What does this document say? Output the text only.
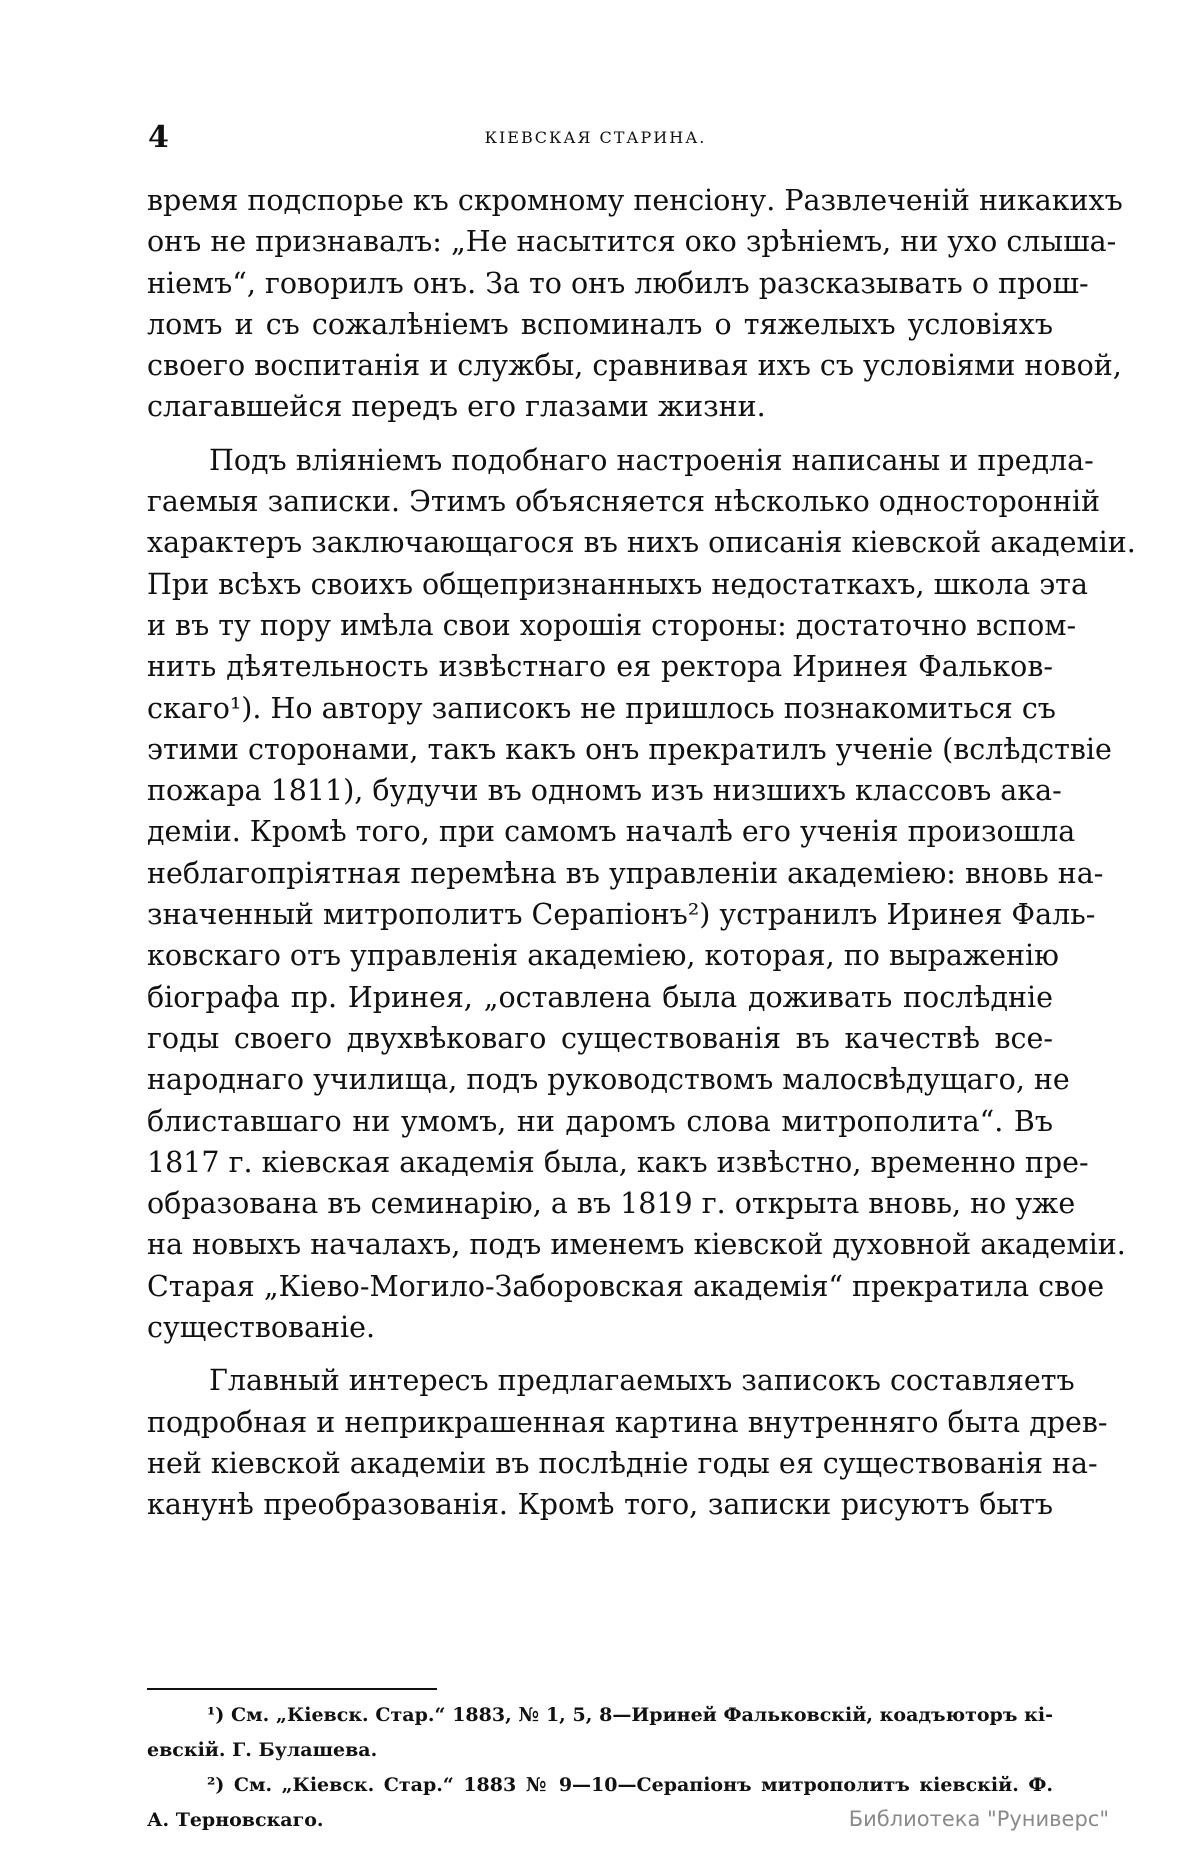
4	КІЕВСКАЯ СТАРИНА.
время подспорье къ скромному пенсіону. Развлеченій никакихъ
онъ не признавалъ: „Не насытится око зрѣніемъ, ни ухо слыша-
ніемъ“, говорилъ онъ. За то онъ любилъ разсказывать о прош-
ломъ и съ сожалѣніемъ вспоминалъ о тяжелыхъ условіяхъ
своего воспитанія и службы, сравнивая ихъ съ условіями новой,
слагавшейся передъ его глазами жизни.
Подъ вліяніемъ подобнаго настроенія написаны и предла-
гаемыя записки. Этимъ объясняется нѣсколько односторонній
характеръ заключающагося въ нихъ описанія кіевской академіи.
При всѣхъ своихъ общепризнанныхъ недостаткахъ, школа эта
и въ ту пору имѣла свои хорошія стороны: достаточно вспом-
нить дѣятельность извѣстнаго ея ректора Иринея Фальков-
скаго¹). Но автору записокъ не пришлось познакомиться съ
этими сторонами, такъ какъ онъ прекратилъ ученіе (вслѣдствіе
пожара 1811), будучи въ одномъ изъ низшихъ классовъ ака-
деміи. Кромѣ того, при самомъ началѣ его ученія произошла
неблагопріятная перемѣна въ управленіи академіею: вновь на-
значенный митрополитъ Серапіонъ²) устранилъ Иринея Фаль-
ковскаго отъ управленія академіею, которая, по выраженію
біографа пр. Иринея, „оставлена была доживать послѣдніе
годы своего двухвѣковаго существованія въ качествѣ все-
народнаго училища, подъ руководствомъ малосвѣдущаго, не
блиставшаго ни умомъ, ни даромъ слова митрополита“. Въ
1817 г. кіевская академія была, какъ извѣстно, временно пре-
образована въ семинарію, а въ 1819 г. открыта вновь, но уже
на новыхъ началахъ, подъ именемъ кіевской духовной академіи.
Старая „Кіево-Могило-Заборовская академія“ прекратила свое
существованіе.
Главный интересъ предлагаемыхъ записокъ составляетъ
подробная и неприкрашенная картина внутренняго быта древ-
ней кіевской академіи въ послѣдніе годы ея существованія на-
канунѣ преобразованія. Кромѣ того, записки рисуютъ бытъ
¹) См. „Кіевск. Стар.“ 1883, № 1, 5, 8—Ириней Фальковскій, коадъюторъ кі-
евскій. Г. Булашева.
²) См. „Кіевск. Стар.“ 1883 № 9—10—Серапіонъ митрополитъ кіевскій. Ф.
А. Терновскаго.	Библиотека "Руниверс"
